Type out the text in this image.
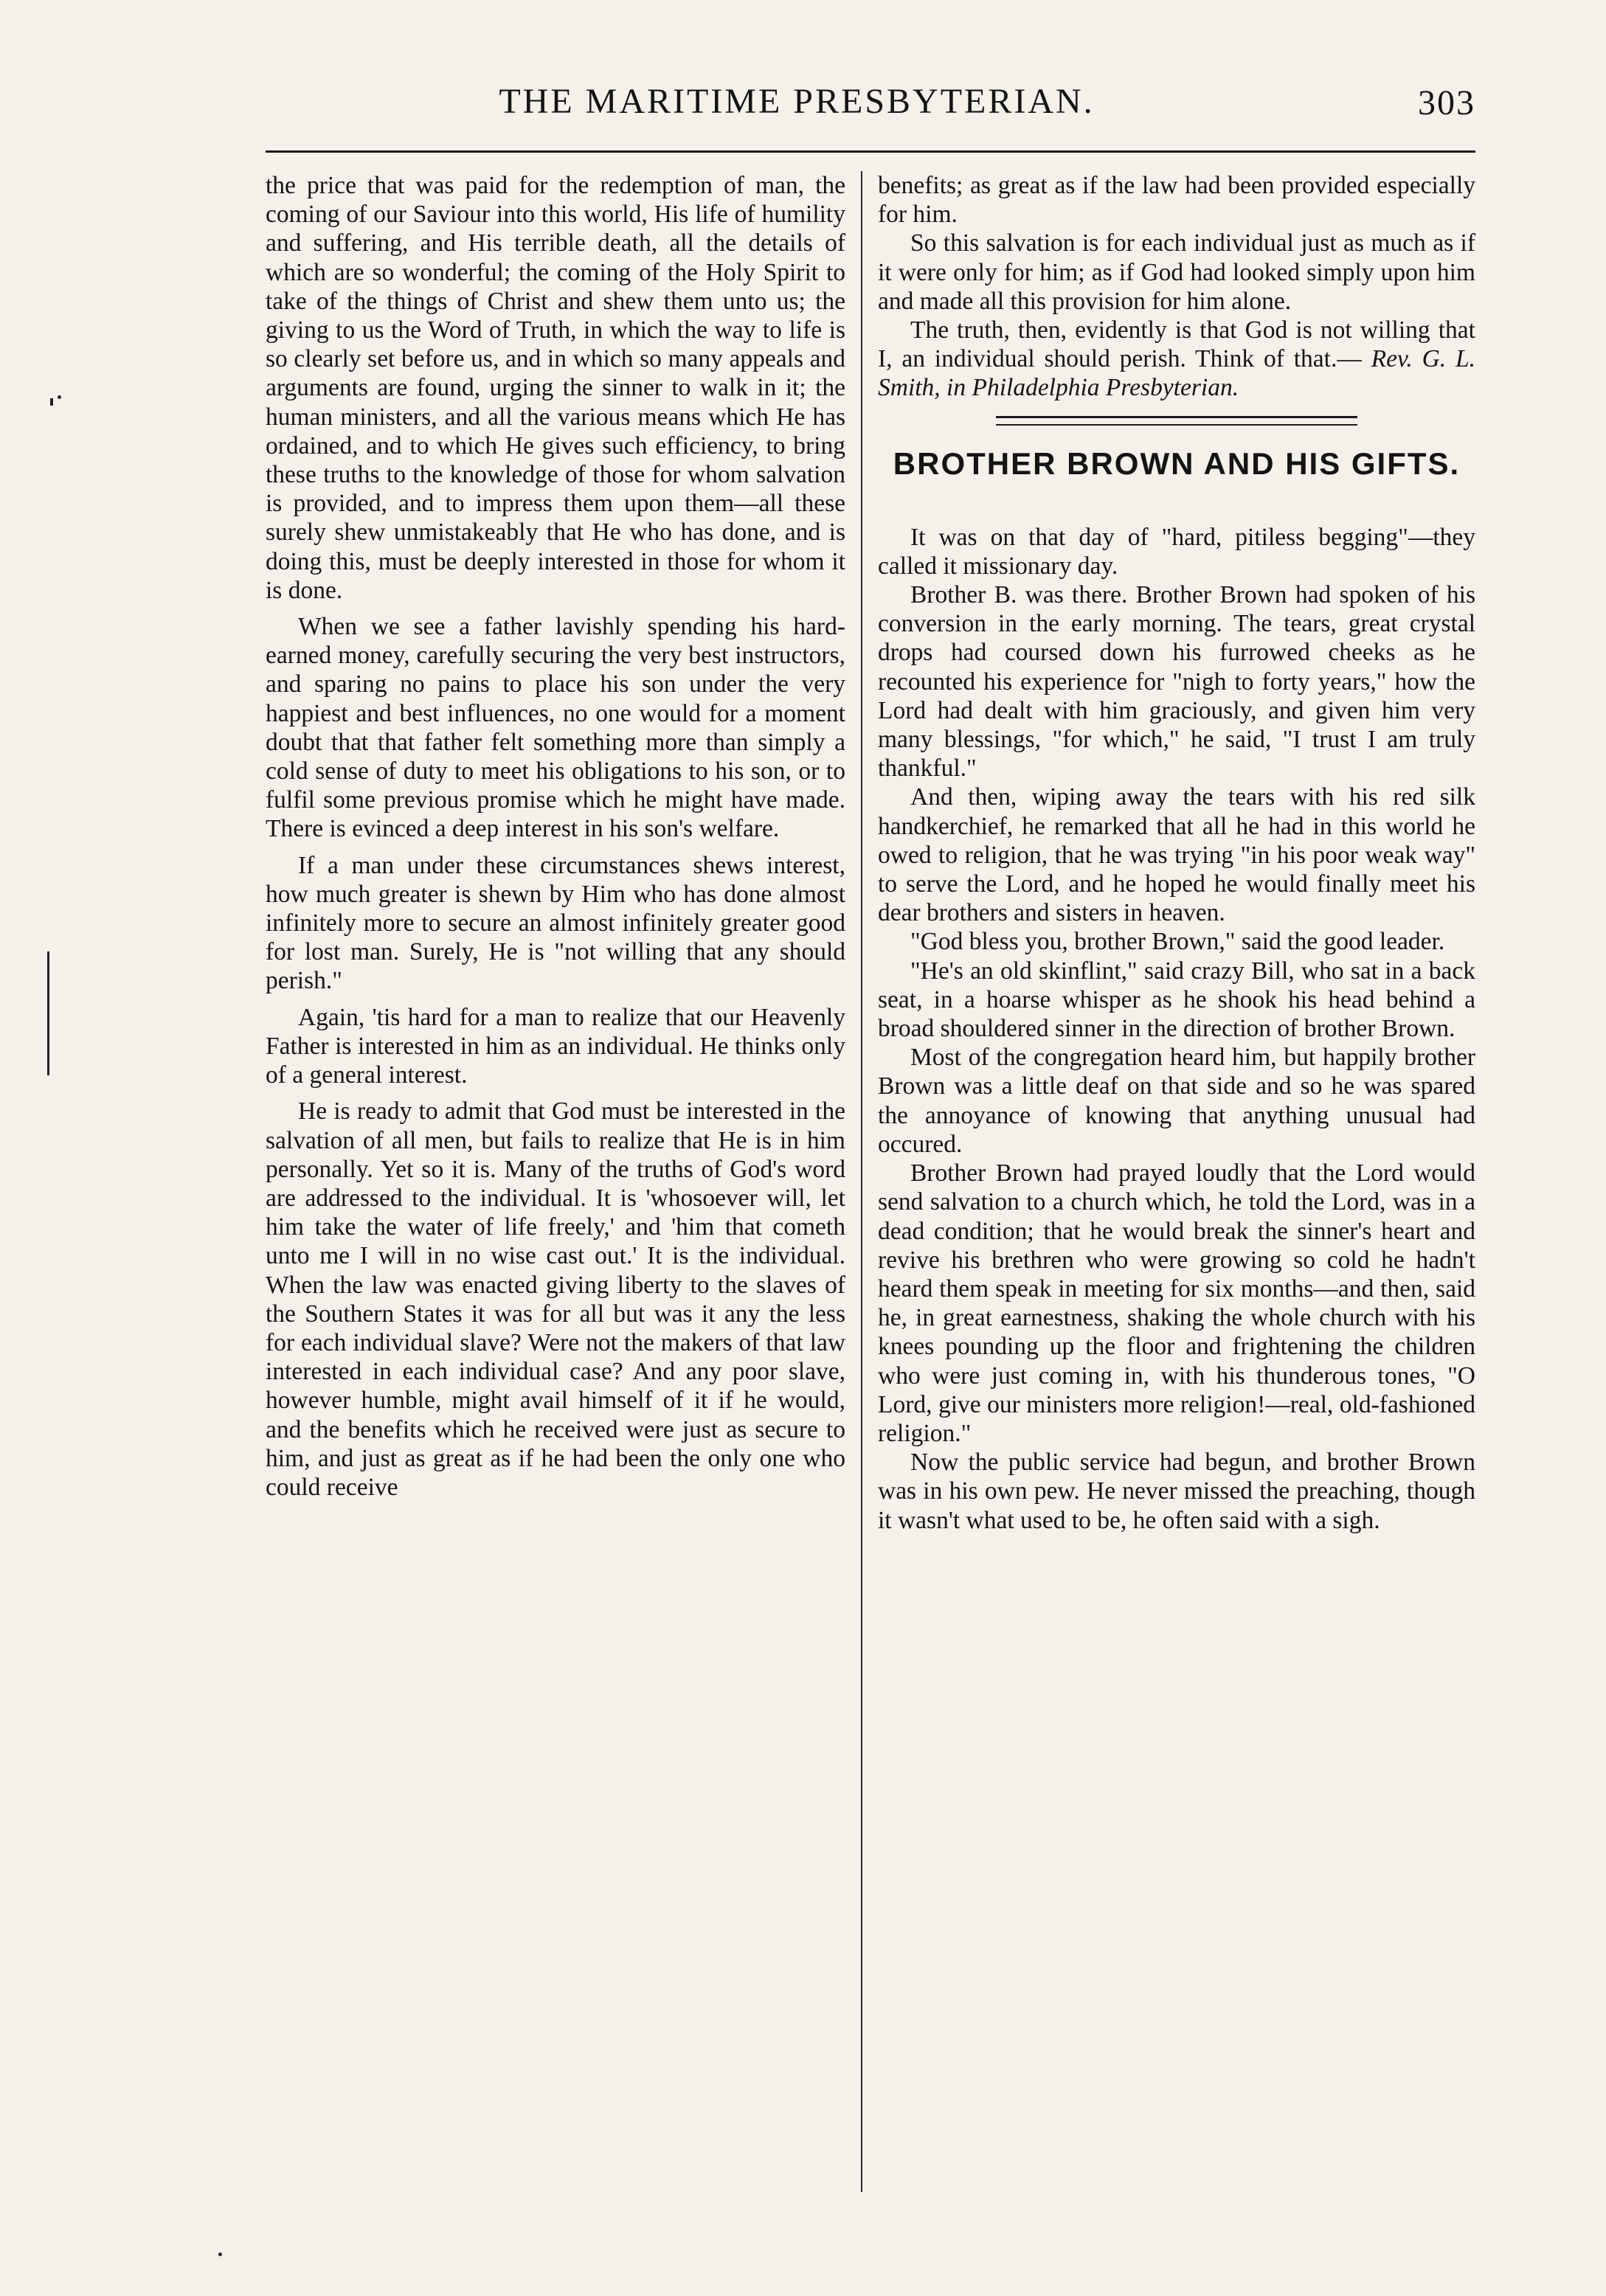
THE MARITIME PRESBYTERIAN.	303

the price that was paid for the redemption of man, the coming of our Saviour into this world, His life of humility and suffering, and His terrible death, all the details of which are so wonderful; the coming of the Holy Spirit to take of the things of Christ and shew them unto us; the giving to us the Word of Truth, in which the way to life is so clearly set before us, and in which so many appeals and arguments are found, urging the sinner to walk in it; the human ministers, and all the various means which He has ordained, and to which He gives such efficiency, to bring these truths to the knowledge of those for whom salvation is provided, and to impress them upon them—all these surely shew unmistakeably that He who has done, and is doing this, must be deeply interested in those for whom it is done.

When we see a father lavishly spending his hard-earned money, carefully securing the very best instructors, and sparing no pains to place his son under the very happiest and best influences, no one would for a moment doubt that that father felt something more than simply a cold sense of duty to meet his obligations to his son, or to fulfil some previous promise which he might have made. There is evinced a deep interest in his son's welfare.

If a man under these circumstances shews interest, how much greater is shewn by Him who has done almost infinitely more to secure an almost infinitely greater good for lost man. Surely, He is "not willing that any should perish."

Again, 'tis hard for a man to realize that our Heavenly Father is interested in him as an individual. He thinks only of a general interest.

He is ready to admit that God must be interested in the salvation of all men, but fails to realize that He is in him personally. Yet so it is. Many of the truths of God's word are addressed to the individual. It is 'whosoever will, let him take the water of life freely,' and 'him that cometh unto me I will in no wise cast out.' It is the individual. When the law was enacted giving liberty to the slaves of the Southern States it was for all but was it any the less for each individual slave? Were not the makers of that law interested in each individual case? And any poor slave, however humble, might avail himself of it if he would, and the benefits which he received were just as secure to him, and just as great as if he had been the only one who could receive

benefits; as great as if the law had been provided especially for him.

So this salvation is for each individual just as much as if it were only for him; as if God had looked simply upon him and made all this provision for him alone.

The truth, then, evidently is that God is not willing that I, an individual should perish. Think of that.— Rev. G. L. Smith, in Philadelphia Presbyterian.

BROTHER BROWN AND HIS GIFTS.

It was on that day of "hard, pitiless begging"—they called it missionary day.

Brother B. was there. Brother Brown had spoken of his conversion in the early morning. The tears, great crystal drops had coursed down his furrowed cheeks as he recounted his experience for "nigh to forty years," how the Lord had dealt with him graciously, and given him very many blessings, "for which," he said, "I trust I am truly thankful."

And then, wiping away the tears with his red silk handkerchief, he remarked that all he had in this world he owed to religion, that he was trying "in his poor weak way" to serve the Lord, and he hoped he would finally meet his dear brothers and sisters in heaven.

"God bless you, brother Brown," said the good leader.

"He's an old skinflint," said crazy Bill, who sat in a back seat, in a hoarse whisper as he shook his head behind a broad shouldered sinner in the direction of brother Brown.

Most of the congregation heard him, but happily brother Brown was a little deaf on that side and so he was spared the annoyance of knowing that anything unusual had occured.

Brother Brown had prayed loudly that the Lord would send salvation to a church which, he told the Lord, was in a dead condition; that he would break the sinner's heart and revive his brethren who were growing so cold he hadn't heard them speak in meeting for six months—and then, said he, in great earnestness, shaking the whole church with his knees pounding up the floor and frightening the children who were just coming in, with his thunderous tones, "O Lord, give our ministers more religion!—real, old-fashioned religion."

Now the public service had begun, and brother Brown was in his own pew. He never missed the preaching, though it wasn't what used to be, he often said with a sigh.
